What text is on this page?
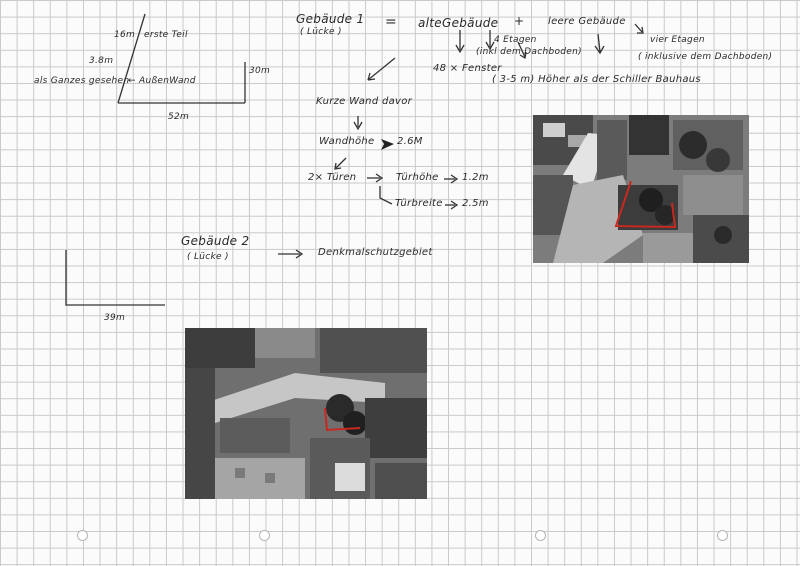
16m erste Teil
3.8m
als Ganzes gesehen
← AußenWand
30m
52m
Gebäude 1
( Lücke )
= alteGebäude + leere Gebäude
4 Etagen
(inkl dem Dachboden)
48 × Fenster
vier Etagen
( inklusive dem Dachboden)
( 3-5 m) Höher als der Schiller Bauhaus
Kurze Wand davor
Wandhöhe 2.6M
2× Türen	Türhöhe 1.2m
Türbreite 2.5m
Gebäude 2
( Lücke )	Denkmalschutzgebiet
39m
